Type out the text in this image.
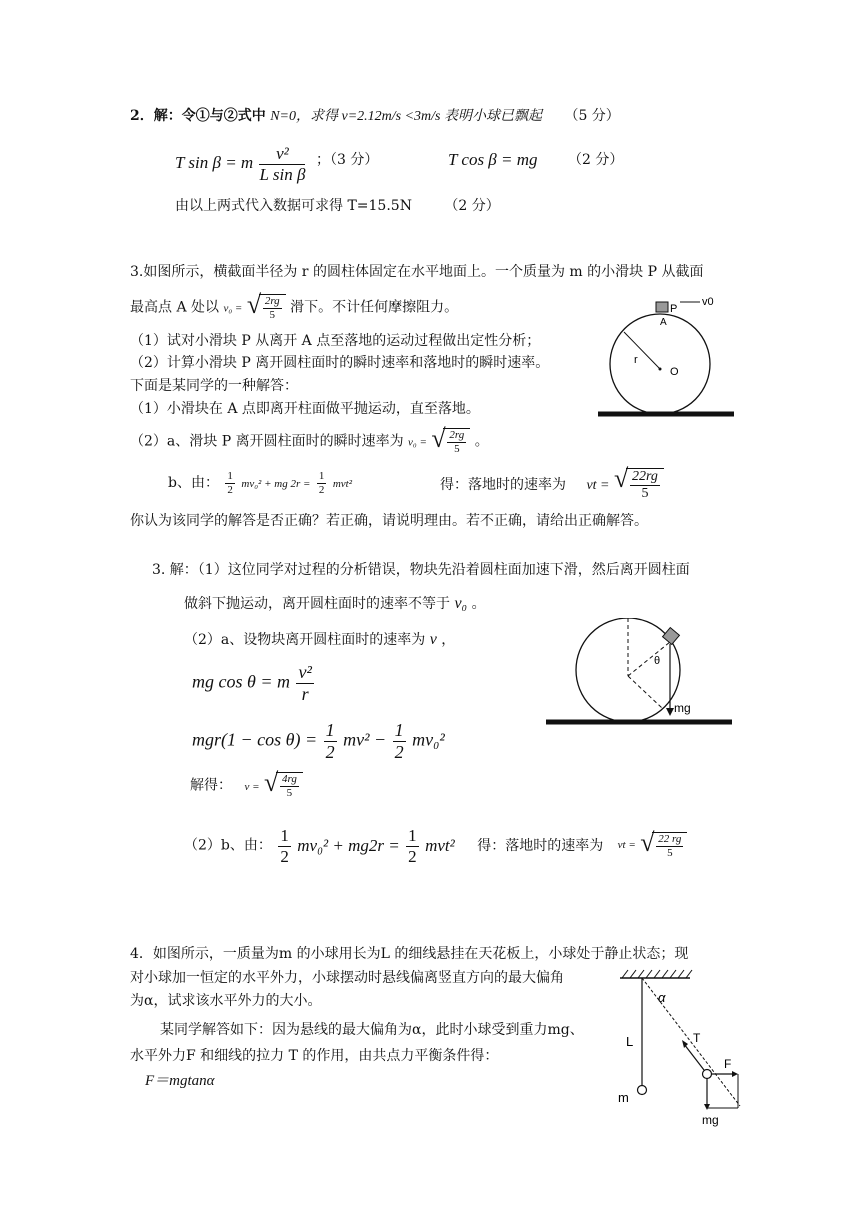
2．解：令①与②式中 N=0，求得 v=2.12m/s <3m/s 表明小球已飘起 （5 分）
T sin β = m $\frac{\text{v²}}{\text{L sin β}}$ ；（3 分）	T cos β = mg （2 分）
由以上两式代入数据可求得 T=15.5N （2 分）
3.如图所示，横截面半径为 r 的圆柱体固定在水平地面上。一个质量为 m 的小滑块 P 从截面
最高点 A 处以 v₀ = √ $\frac{2rg}{5}$ 滑下。不计任何摩擦阻力。
（1）试对小滑块 P 从离开 A 点至落地的运动过程做出定性分析；
（2）计算小滑块 P 离开圆柱面时的瞬时速率和落地时的瞬时速率。
下面是某同学的一种解答：
（1）小滑块在 A 点即离开柱面做平抛运动，直至落地。
（2）a、滑块 P 离开圆柱面时的瞬时速率为 v₀ = √ $\frac{2rg}{5}$ 。
b、由： $\frac{1}{2} mv_0^2$ + mg $2r = \frac{1}{2} mvt^2$	得：落地时的速率为 vt = √ $\frac{22rg}{5}$
你认为该同学的解答是否正确？若正确，请说明理由。若不正确，请给出正确解答。
P
v0
A
r
O
3. 解：（1）这位同学对过程的分析错误，物块先沿着圆柱面加速下滑，然后离开圆柱面
做斜下抛运动，离开圆柱面时的速率不等于 v₀ 。
（2）a、设物块离开圆柱面时的速率为 v ，
mg cos θ = m $\frac{\text{v²}}{r}$
$mgr(1 - \cos \theta) = \frac{1}{2} mv^2 - \frac{1}{2} mv_0^2$
解得： v = √ $\frac{4rg}{5}$
（2）b、由： $\frac{1}{2} mv_0^2 + mg2r = \frac{1}{2} mvt^2$ 得：落地时的速率为 vt = √ $\frac{22 rg}{5}$
θ
mg
4．如图所示，一质量为m 的小球用长为L 的细线悬挂在天花板上，小球处于静止状态；现
对小球加一恒定的水平外力，小球摆动时悬线偏离竖直方向的最大偏角
为α，试求该水平外力的大小。
某同学解答如下：因为悬线的最大偏角为α，此时小球受到重力mg、
水平外力F 和细线的拉力 T 的作用，由共点力平衡条件得：
F＝mgtanα
α
L	T
F
m
mg
